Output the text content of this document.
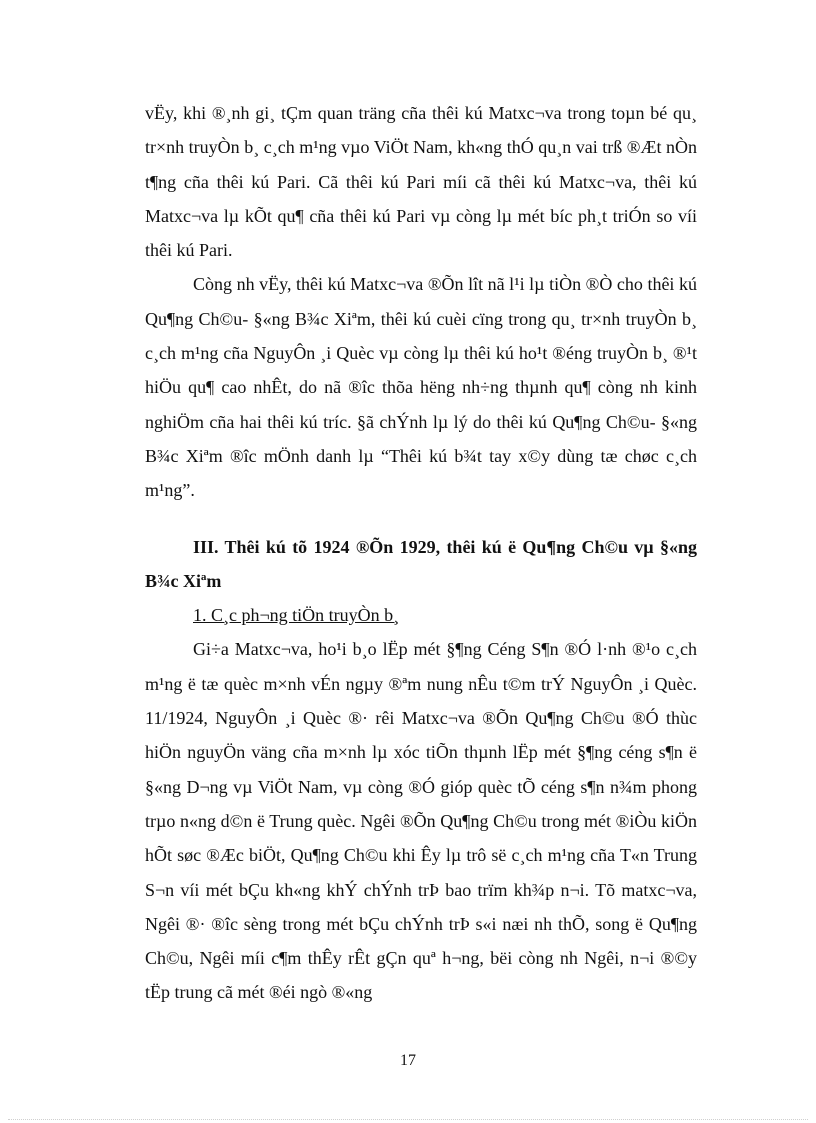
vËy, khi ®¸nh gi¸ tÇm quan träng cña thêi kú Matxc¬va trong toµn bé qu¸ tr×nh truyÒn b¸ c¸ch m¹ng vµo ViÖt Nam, kh«ng thÓ qu¸n vai trß ®Æt nÒn t¶ng cña thêi kú Pari. Cã thêi kú Pari míi cã thêi kú Matxc¬va, thêi kú Matxc¬va lµ kÕt qu¶ cña thêi kú Pari vµ còng lµ mét bíc ph¸t triÓn so víi thêi kú Pari.

Còng nh vËy, thêi kú Matxc¬va ®Õn lît nã l¹i lµ tiÒn ®Ò cho thêi kú Qu¶ng Ch©u- §«ng B¾c Xiªm, thêi kú cuèi cïng trong qu¸ tr×nh truyÒn b¸ c¸ch m¹ng cña NguyÔn ¸i Quèc vµ còng lµ thêi kú ho¹t ®éng truyÒn b¸ ®¹t hiÖu qu¶ cao nhÊt, do nã ®îc thõa hëng nh÷ng thµnh qu¶ còng nh kinh nghiÖm cña hai thêi kú tríc. §ã chÝnh lµ lý do thêi kú Qu¶ng Ch©u- §«ng B¾c Xiªm ®îc mÖnh danh lµ “Thêi kú b¾t tay x©y dùng tæ chøc c¸ch m¹ng”.

III. Thêi kú tõ 1924 ®Õn 1929, thêi kú ë Qu¶ng Ch©u vµ §«ng B¾c Xiªm

1. C¸c ph¬ng tiÖn truyÒn b¸

Gi÷a Matxc¬va, ho¹i b¸o lËp mét §¶ng Céng S¶n ®Ó l·nh ®¹o c¸ch m¹ng ë tæ quèc m×nh vÉn ngµy ®ªm nung nÊu t©m trÝ NguyÔn ¸i Quèc. 11/1924, NguyÔn ¸i Quèc ®· rêi Matxc¬va ®Õn Qu¶ng Ch©u ®Ó thùc hiÖn nguyÖn väng cña m×nh lµ xóc tiÕn thµnh lËp mét §¶ng céng s¶n ë §«ng D¬ng vµ ViÖt Nam, vµ còng ®Ó gióp quèc tÕ céng s¶n n¾m phong trµo n«ng d©n ë Trung quèc. Ngêi ®Õn Qu¶ng Ch©u trong mét ®iÒu kiÖn hÕt søc ®Æc biÖt, Qu¶ng Ch©u khi Êy lµ trô së c¸ch m¹ng cña T«n Trung S¬n víi mét bÇu kh«ng khÝ chÝnh trÞ bao trïm kh¾p n¬i. Tõ matxc¬va, Ngêi ®· ®îc sèng trong mét bÇu chÝnh trÞ s«i næi nh thÕ, song ë Qu¶ng Ch©u, Ngêi míi c¶m thÊy rÊt gÇn quª h¬ng, bëi còng nh Ngêi, n¬i ®©y tËp trung cã mét ®éi ngò ®«ng

17
